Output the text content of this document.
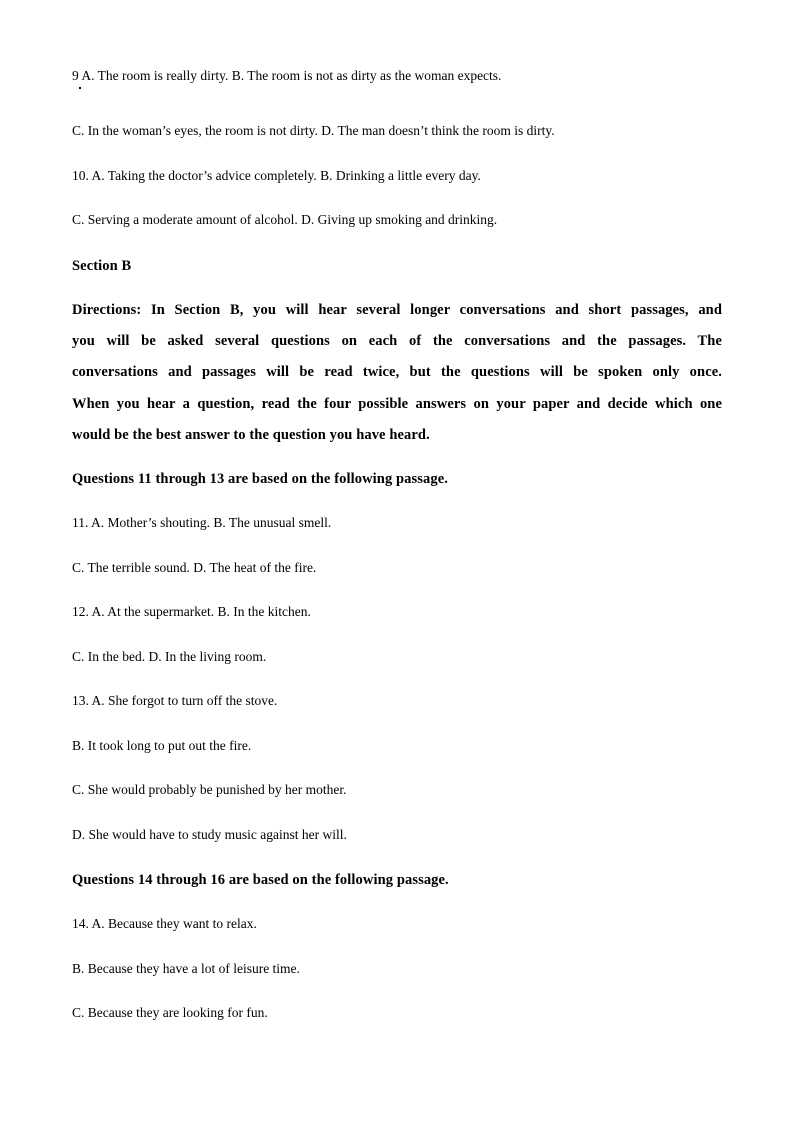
9 A. The room is really dirty. B. The room is not as dirty as the woman expects.
C. In the woman’s eyes, the room is not dirty. D. The man doesn’t think the room is dirty.
10. A. Taking the doctor’s advice completely. B. Drinking a little every day.
C. Serving a moderate amount of alcohol. D. Giving up smoking and drinking.
Section B
Directions: In Section B, you will hear several longer conversations and short passages, and
you will be asked several questions on each of the conversations and the passages. The
conversations and passages will be read twice, but the questions will be spoken only once.
When you hear a question, read the four possible answers on your paper and decide which one
would be the best answer to the question you have heard.
Questions 11 through 13 are based on the following passage.
11. A. Mother’s shouting. B. The unusual smell.
C. The terrible sound. D. The heat of the fire.
12. A. At the supermarket. B. In the kitchen.
C. In the bed. D. In the living room.
13. A. She forgot to turn off the stove.
B. It took long to put out the fire.
C. She would probably be punished by her mother.
D. She would have to study music against her will.
Questions 14 through 16 are based on the following passage.
14. A. Because they want to relax.
B. Because they have a lot of leisure time.
C. Because they are looking for fun.
